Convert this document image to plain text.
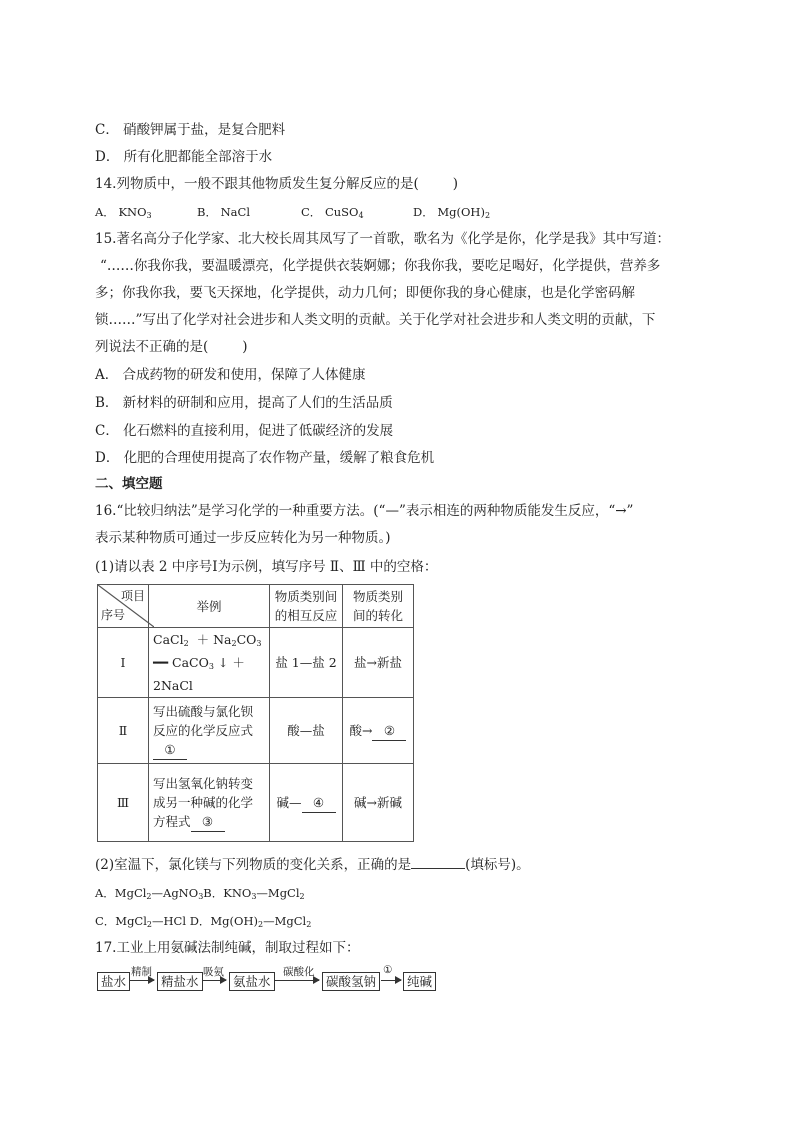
C． 硝酸钾属于盐，是复合肥料
D． 所有化肥都能全部溶于水
14.列物质中，一般不跟其他物质发生复分解反应的是(	)
A． $KNO_3$	B． NaCl	C． CuSO$_4$	D． $Mg(OH)_2$
15.著名高分子化学家、北大校长周其凤写了一首歌，歌名为《化学是你，化学是我》其中写道：
“……你我你我，要温暖漂亮，化学提供衣装婀娜；你我你我，要吃足喝好，化学提供，营养多
多；你我你我，要飞天探地，化学提供，动力几何；即便你我的身心健康，也是化学密码解
锁……”写出了化学对社会进步和人类文明的贡献。关于化学对社会进步和人类文明的贡献，下
列说法不正确的是(	)
A． 合成药物的研发和使用，保障了人体健康
B． 新材料的研制和应用，提高了人们的生活品质
C． 化石燃料的直接利用，促进了低碳经济的发展
D． 化肥的合理使用提高了农作物产量，缓解了粮食危机
二、填空题
16.“比较归纳法”是学习化学的一种重要方法。(“—”表示相连的两种物质能发生反应，“→”
表示某种物质可通过一步反应转化为另一种物质。)
(1)请以表 2 中序号Ⅰ为示例，填写序号 Ⅱ、Ⅲ 中的空格：
项目
序号	举例	物质类别间的相互反应	物质类别间的转化
Ⅰ	CaCl$_2$ ＋ $Na_2CO_3$
━━ CaCO$_3$ ↓ ＋
2NaCl	盐 1—盐 2	盐→新盐
Ⅱ	写出硫酸与氯化钡反应的化学反应式
①	酸—盐	酸→ ②
Ⅲ	写出氢氧化钠转变成另一种碱的化学方程式 ③	碱— ④	碱→新碱
(2)室温下，氯化镁与下列物质的变化关系，正确的是	(填标号)。
A．MgCl$_2$—AgNO$_3$B．$KNO_3—MgCl_2$
C．MgCl$_2$—HCl D．$Mg(OH)_2—MgCl_2$
17.工业上用氨碱法制纯碱，制取过程如下：
盐水
精制
精盐水
吸氨
氨盐水
碳酸化
碳酸氢钠
①
纯碱
